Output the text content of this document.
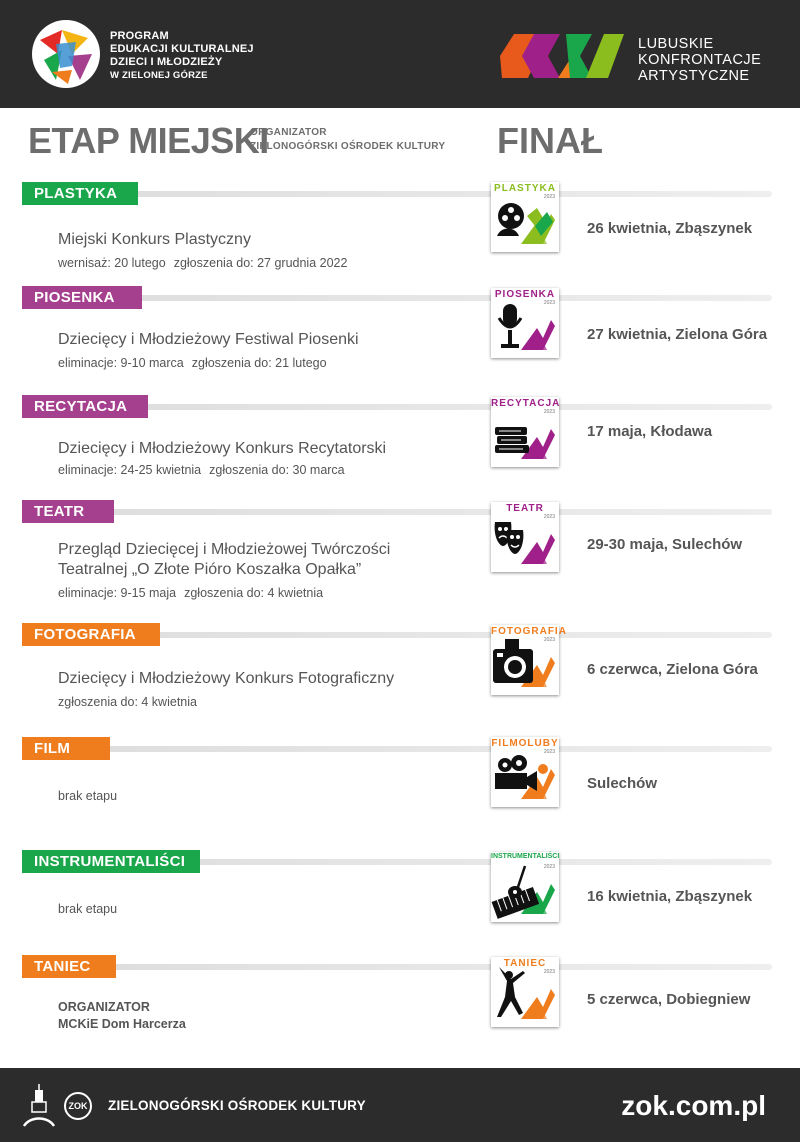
PROGRAM
EDUKACJI KULTURALNEJ
DZIECI I MŁODZIEŻY
W ZIELONEJ GÓRZE
LUBUSKIE
KONFRONTACJE
ARTYSTYCZNE
ETAP MIEJSKI
ORGANIZATOR
ZIELONOGÓRSKI OŚRODEK KULTURY FINAŁ
PLASTYKA
Miejski Konkurs Plastyczny
wernisaż: 20 lutego zgłoszenia do: 27 grudnia 2022
PLASTYKA
2023
26 kwietnia, Zbąszynek
PIOSENKA
Dziecięcy i Młodzieżowy Festiwal Piosenki
eliminacje: 9-10 marca zgłoszenia do: 21 lutego
PIOSENKA
2023
27 kwietnia, Zielona Góra
RECYTACJA
Dziecięcy i Młodzieżowy Konkurs Recytatorski
eliminacje: 24-25 kwietnia zgłoszenia do: 30 marca
RECYTACJA
2023
17 maja, Kłodawa
TEATR
Przegląd Dziecięcej i Młodzieżowej Twórczości
Teatralnej „O Złote Pióro Koszałka Opałka”
eliminacje: 9-15 maja zgłoszenia do: 4 kwietnia
TEATR
2023
29-30 maja, Sulechów
FOTOGRAFIA
Dziecięcy i Młodzieżowy Konkurs Fotograficzny
zgłoszenia do: 4 kwietnia
FOTOGRAFIA
2023
6 czerwca, Zielona Góra
FILM
brak etapu
FILMOLUBY
2023
Sulechów
INSTRUMENTALIŚCI
brak etapu
INSTRUMENTALIŚCI
2023
16 kwietnia, Zbąszynek
TANIEC
ORGANIZATOR
MCKiE Dom Harcerza
TANIEC
2023
5 czerwca, Dobiegniew
ZOK	ZIELONOGÓRSKI OŚRODEK KULTURY	zok.com.pl
